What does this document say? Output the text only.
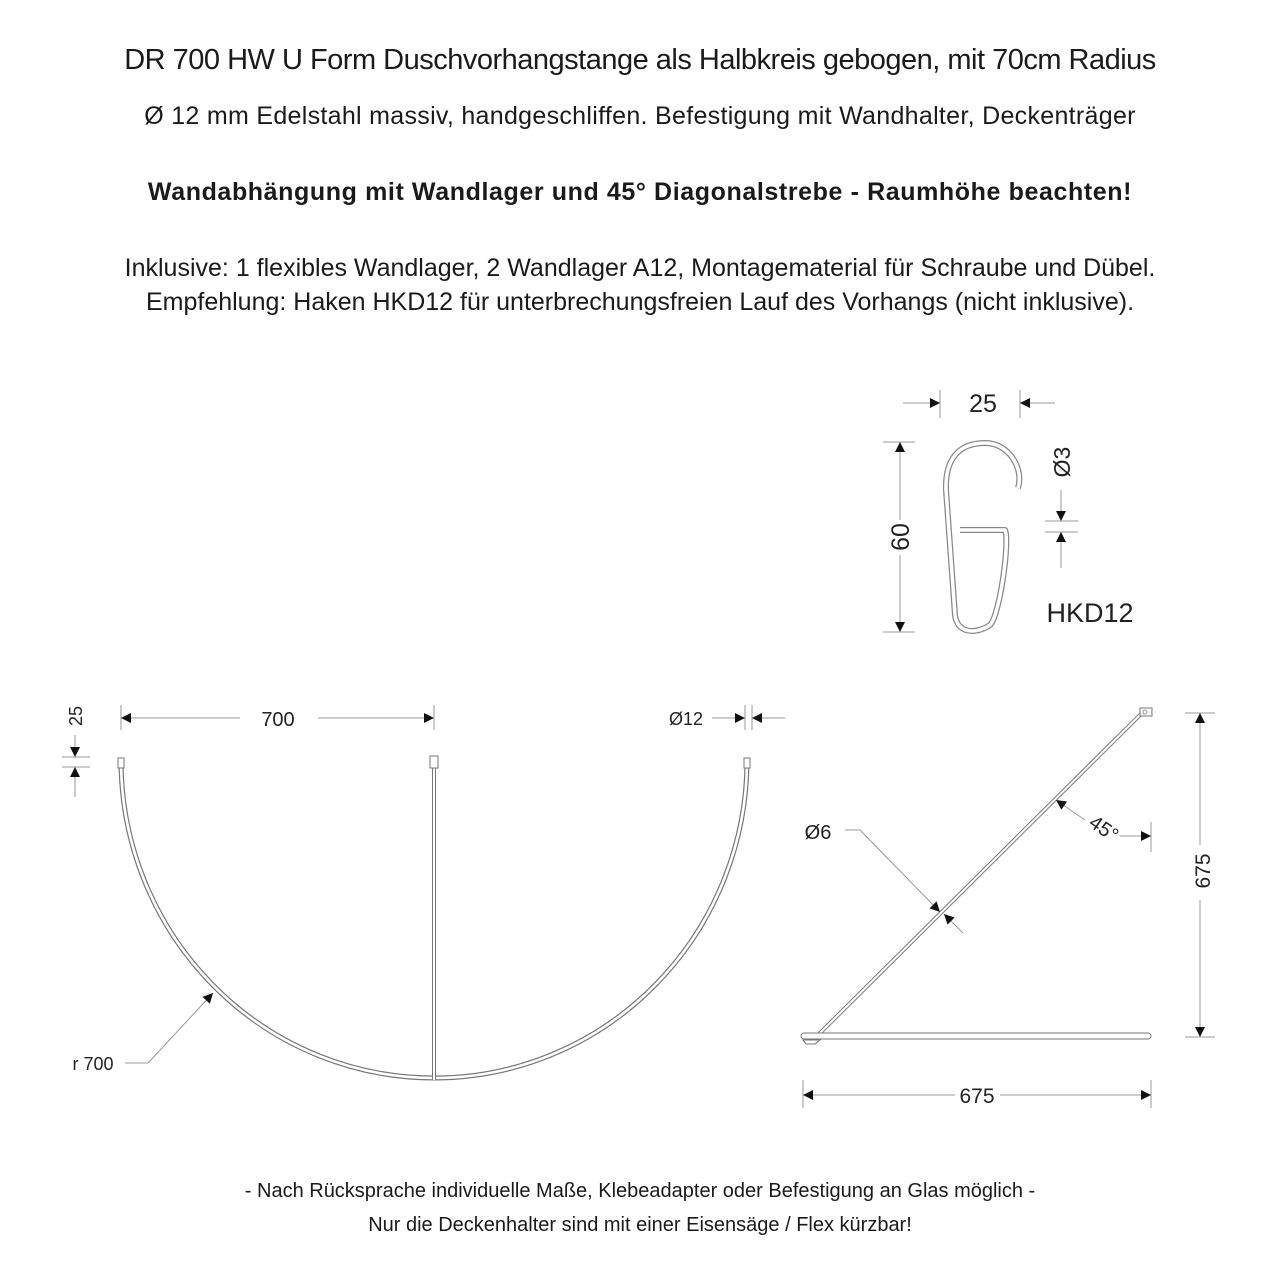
DR 700 HW U Form Duschvorhangstange als Halbkreis gebogen, mit 70cm Radius
Ø 12 mm Edelstahl massiv, handgeschliffen. Befestigung mit Wandhalter, Deckenträger
Wandabhängung mit Wandlager und 45° Diagonalstrebe - Raumhöhe beachten!
Inklusive: 1 flexibles Wandlager, 2 Wandlager A12, Montagematerial für Schraube und Dübel.
Empfehlung: Haken HKD12 für unterbrechungsfreien Lauf des Vorhangs (nicht inklusive).
25
60
Ø3
HKD12
700	Ø12
25
r 700
Ø6	45°
675
675
- Nach Rücksprache individuelle Maße, Klebeadapter oder Befestigung an Glas möglich -
Nur die Deckenhalter sind mit einer Eisensäge / Flex kürzbar!
